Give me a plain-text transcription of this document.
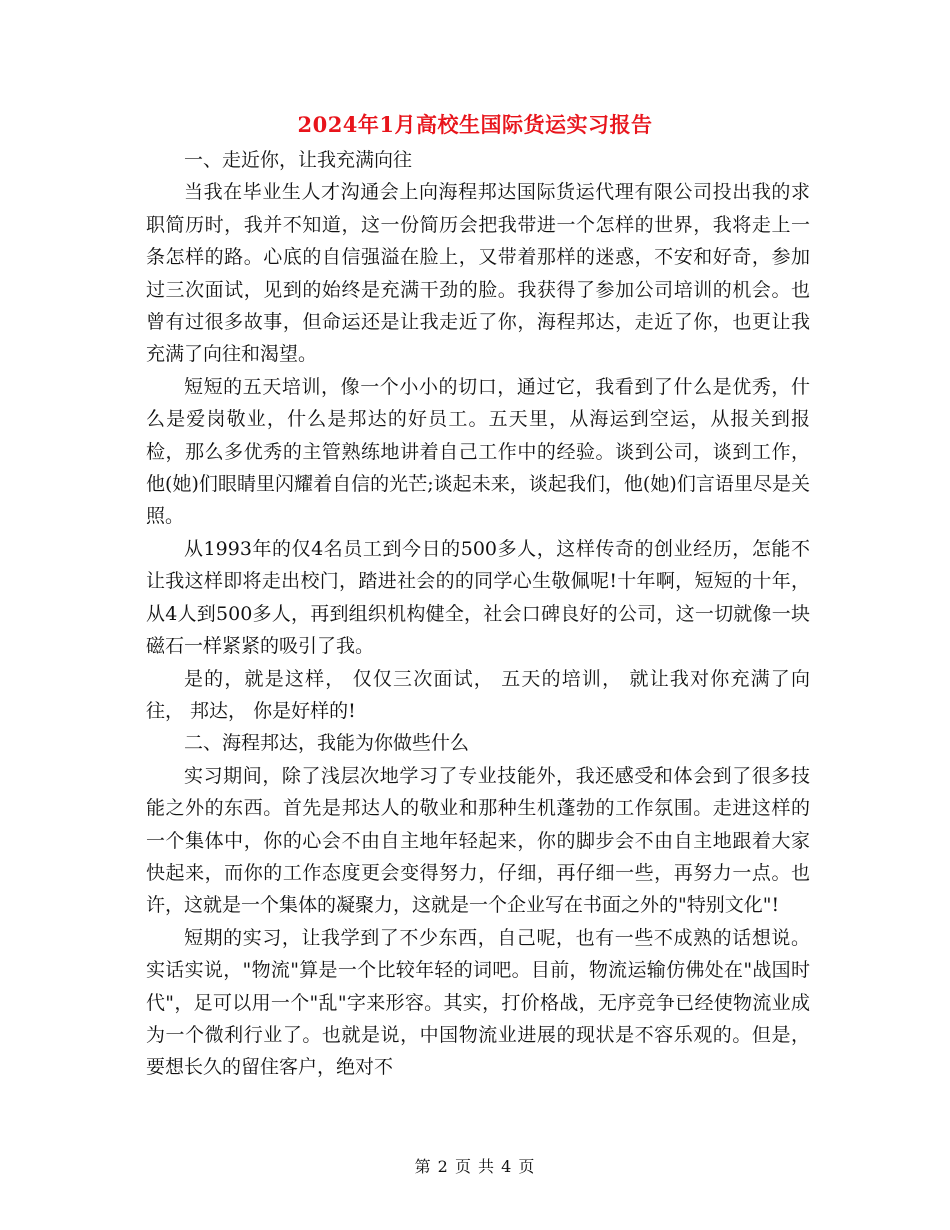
2024年1月高校生国际货运实习报告

一、走近你，让我充满向往

当我在毕业生人才沟通会上向海程邦达国际货运代理有限公司投出我的求职简历时，我并不知道，这一份简历会把我带进一个怎样的世界，我将走上一条怎样的路。心底的自信强溢在脸上，又带着那样的迷惑，不安和好奇，参加过三次面试，见到的始终是充满干劲的脸。我获得了参加公司培训的机会。也曾有过很多故事，但命运还是让我走近了你，海程邦达，走近了你，也更让我充满了向往和渴望。

短短的五天培训，像一个小小的切口，通过它，我看到了什么是优秀，什么是爱岗敬业，什么是邦达的好员工。五天里，从海运到空运，从报关到报检，那么多优秀的主管熟练地讲着自己工作中的经验。谈到公司，谈到工作，他(她)们眼睛里闪耀着自信的光芒;谈起未来，谈起我们，他(她)们言语里尽是关照。

从1993年的仅4名员工到今日的500多人，这样传奇的创业经历，怎能不让我这样即将走出校门，踏进社会的的同学心生敬佩呢!十年啊，短短的十年，从4人到500多人，再到组织机构健全，社会口碑良好的公司，这一切就像一块磁石一样紧紧的吸引了我。

是的，就是这样， 仅仅三次面试， 五天的培训， 就让我对你充满了向往， 邦达， 你是好样的!

二、海程邦达，我能为你做些什么

实习期间，除了浅层次地学习了专业技能外，我还感受和体会到了很多技能之外的东西。首先是邦达人的敬业和那种生机蓬勃的工作氛围。走进这样的一个集体中，你的心会不由自主地年轻起来，你的脚步会不由自主地跟着大家快起来，而你的工作态度更会变得努力，仔细，再仔细一些，再努力一点。也许，这就是一个集体的凝聚力，这就是一个企业写在书面之外的"特别文化"!

短期的实习，让我学到了不少东西，自己呢，也有一些不成熟的话想说。实话实说，"物流"算是一个比较年轻的词吧。目前，物流运输仿佛处在"战国时代"，足可以用一个"乱"字来形容。其实，打价格战，无序竞争已经使物流业成为一个微利行业了。也就是说，中国物流业进展的现状是不容乐观的。但是，要想长久的留住客户，绝对不

第 2 页 共 4 页
